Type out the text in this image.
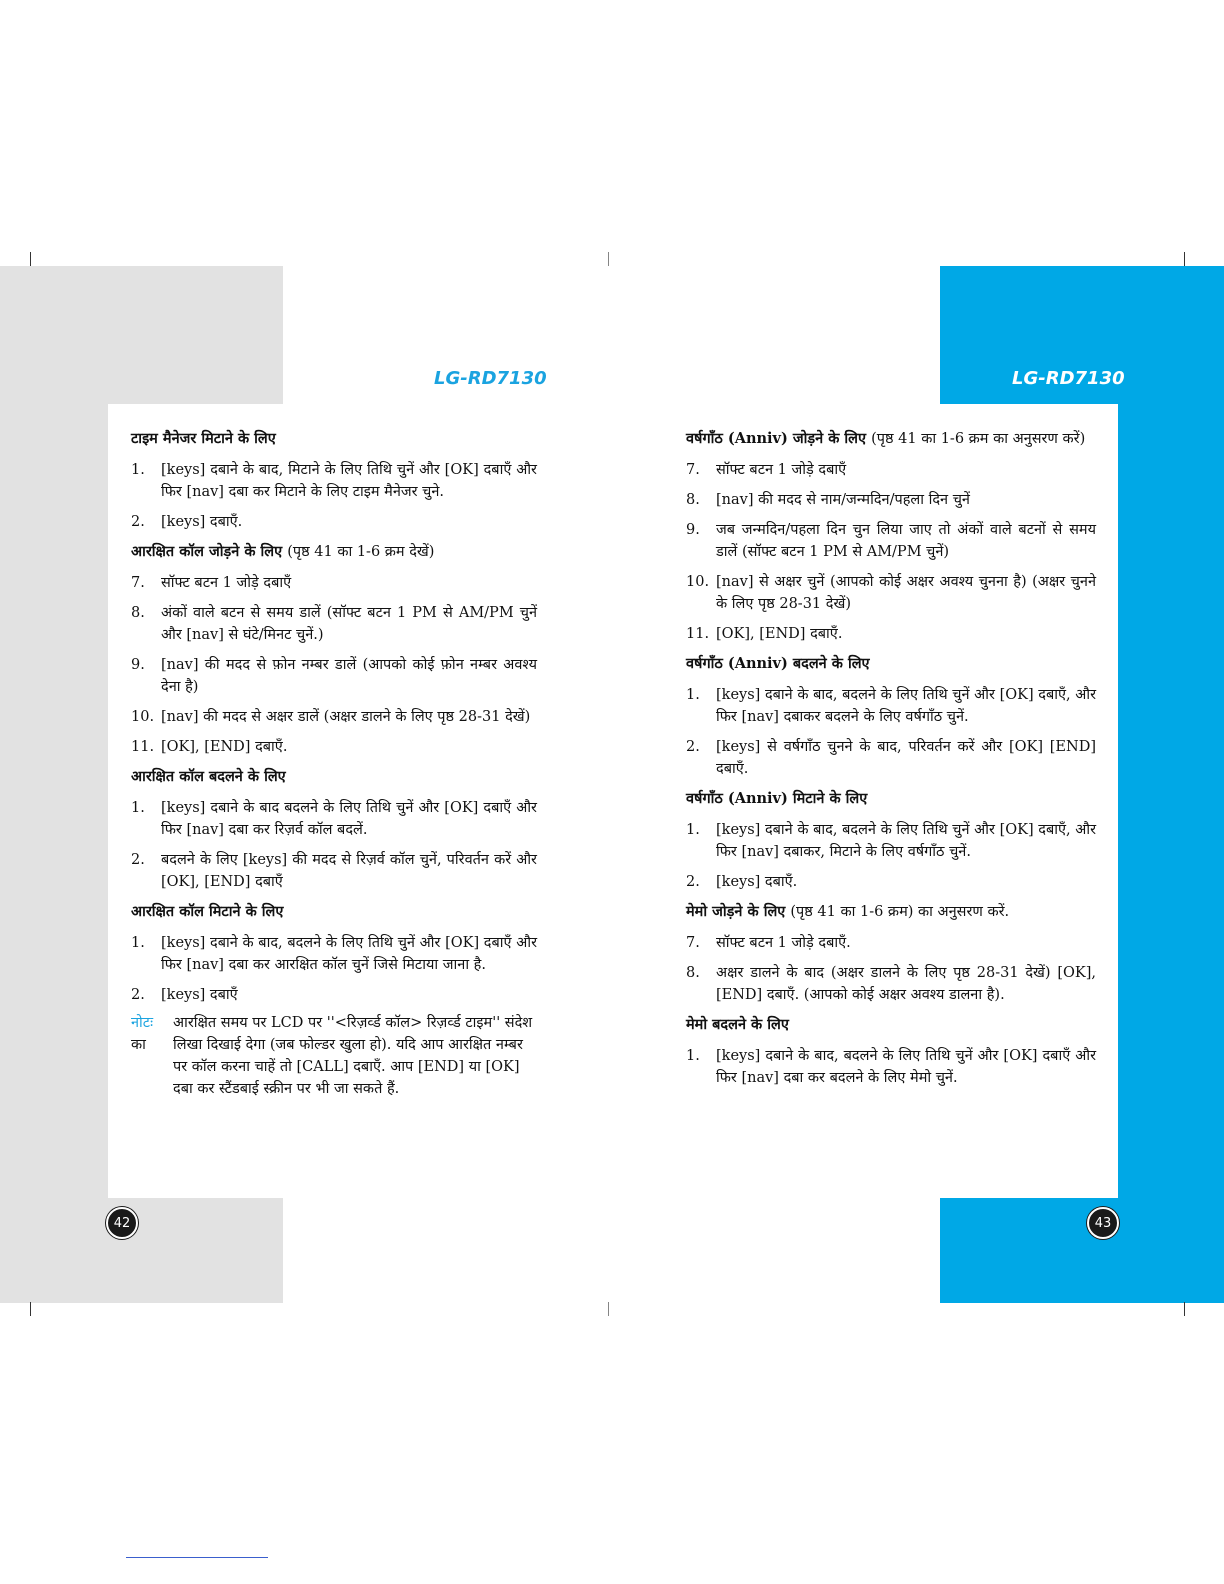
LG-RD7130	LG-RD7130
टाइम मैनेजर मिटाने के लिए
1.	[keys] दबाने के बाद, मिटाने के लिए तिथि चुनें और [OK] दबाएँ और फिर [nav] दबा कर मिटाने के लिए टाइम मैनेजर चुने.
2.	[keys] दबाएँ.
आरक्षित कॉल जोड़ने के लिए (पृष्ठ 41 का 1-6 क्रम देखें)
7.	सॉफ्ट बटन 1 जोड़े दबाएँ
8.	अंकों वाले बटन से समय डालें (सॉफ्ट बटन 1 PM से AM/PM चुनें और [nav] से घंटे/मिनट चुनें.)
9.	[nav] की मदद से फ़ोन नम्बर डालें (आपको कोई फ़ोन नम्बर अवश्य देना है)
10. [nav] की मदद से अक्षर डालें (अक्षर डालने के लिए पृष्ठ 28-31 देखें)
11. [OK], [END] दबाएँ.
आरक्षित कॉल बदलने के लिए
1.	[keys] दबाने के बाद बदलने के लिए तिथि चुनें और [OK] दबाएँ और फिर [nav] दबा कर रिज़र्व कॉल बदलें.
2.	बदलने के लिए [keys] की मदद से रिज़र्व कॉल चुनें, परिवर्तन करें और [OK], [END] दबाएँ
आरक्षित कॉल मिटाने के लिए
1.	[keys] दबाने के बाद, बदलने के लिए तिथि चुनें और [OK] दबाएँ और फिर [nav] दबा कर आरक्षित कॉल चुनें जिसे मिटाया जाना है.
2.	[keys] दबाएँ
नोटः
का
आरक्षित समय पर LCD पर ''<रिज़र्व्ड कॉल> रिज़र्व्ड टाइम'' संदेश लिखा दिखाई देगा (जब फोल्डर खुला हो). यदि आप आरक्षित नम्बर पर कॉल करना चाहें तो [CALL] दबाएँ. आप [END] या [OK] दबा कर स्टैंडबाई स्क्रीन पर भी जा सकते हैं.
वर्षगाँठ (Anniv) जोड़ने के लिए (पृष्ठ 41 का 1-6 क्रम का अनुसरण करें)
7.	सॉफ्ट बटन 1 जोड़े दबाएँ
8.	[nav] की मदद से नाम/जन्मदिन/पहला दिन चुनें
9.	जब जन्मदिन/पहला दिन चुन लिया जाए तो अंकों वाले बटनों से समय डालें (सॉफ्ट बटन 1 PM से AM/PM चुनें)
10. [nav] से अक्षर चुनें (आपको कोई अक्षर अवश्य चुनना है) (अक्षर चुनने के लिए पृष्ठ 28-31 देखें)
11. [OK], [END] दबाएँ.
वर्षगाँठ (Anniv) बदलने के लिए
1.	[keys] दबाने के बाद, बदलने के लिए तिथि चुनें और [OK] दबाएँ, और फिर [nav] दबाकर बदलने के लिए वर्षगाँठ चुनें.
2.	[keys] से वर्षगाँठ चुनने के बाद, परिवर्तन करें और [OK] [END] दबाएँ.
वर्षगाँठ (Anniv) मिटाने के लिए
1.	[keys] दबाने के बाद, बदलने के लिए तिथि चुनें और [OK] दबाएँ, और फिर [nav] दबाकर, मिटाने के लिए वर्षगाँठ चुनें.
2.	[keys] दबाएँ.
मेमो जोड़ने के लिए (पृष्ठ 41 का 1-6 क्रम) का अनुसरण करें.
7.	सॉफ्ट बटन 1 जोड़े दबाएँ.
8.	अक्षर डालने के बाद (अक्षर डालने के लिए पृष्ठ 28-31 देखें) [OK], [END] दबाएँ. (आपको कोई अक्षर अवश्य डालना है).
मेमो बदलने के लिए
1.	[keys] दबाने के बाद, बदलने के लिए तिथि चुनें और [OK] दबाएँ और फिर [nav] दबा कर बदलने के लिए मेमो चुनें.
42	43
